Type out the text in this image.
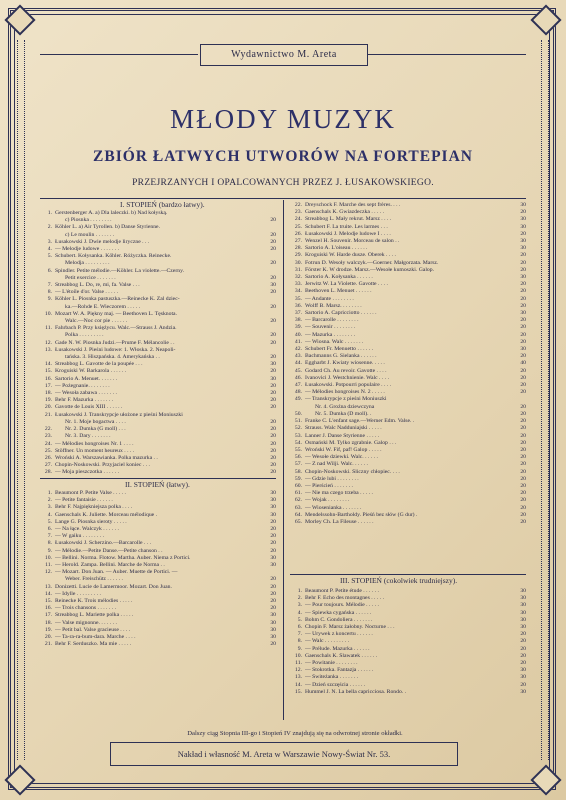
Wydawnictwo M. Areta
MŁODY MUZYK
ZBIÓR ŁATWYCH UTWORÓW NA FORTEPIAN
PRZEJRZANYCH I OPALCOWANYCH PRZEZ J. ŁUSAKOWSKIEGO.
I. STOPIEŃ (bardzo łatwy).
1. Gerstenberger A. a) Dla laleczki. b) Nad kołyską.
c) Piosnka . . . . . . . .	20
2. Köhler L. a) Air Tyrollen. b) Danse Styrienne.
c) Le moulin . . . . . . .	20
3. Łusakowski J. Dwie melodje liryczne . . .	20
4. — Melodje ludowe . . . . . . .	20
5. Schubert. Kołysanka. Köhler. Różyczka. Reinecke.
Melodja . . . . . . . . .	20
6. Spindler. Petite mélodie.—Köhler. La violette.—Czerny.
Petit exercice . . . . . . .	20
7. Streabbog L. Do, re, mi, fa. Valse . . .	30
8. — L'étoile d'or. Valse . . . . .	20
9. Köhler L. Piosnka pastuszka.—Reinecke K. Żal dziec-
ka.—Rohde E. Wieczorem . . . . .	20
10. Mozart W. A. Piękny maj. — Beethoven L. Tęsknota.
Walc.—Noc cor pie . . . . . .	20
11. Fahrbach P. Przy księżycu. Walc.—Strauss J. Andzia.
Polka . . . . . . . . .	20
12. Gade N. W. Piosnka Judzi.—Prume F. Mélancolie . .	20
13. Łusakowski J. Pieśni ludowe: 1. Włoska. 2. Neapoli-
tańska. 3. Hiszpańska. 4. Amerykańska . .	20
14. Streabbog L. Gavotte de la poupée . . .	30
15. Kroguiski W. Barkarola . . . . . .	20
16. Sartorio A. Menuet. . . . . . .	30
17. — Pożegnanie. . . . . . . .	20
18. — Wesoła zabawa . . . . . . .	20
19. Behr F. Mazurka . . . . . . .	20
20. Gavotte de Louis XIII . . . . . .	20
21. Łusakowski J. Transkrypcje ułożone z pieśni Moniuszki
Nr. 1. Moje bogactwa . . . .	20
22.	Nr. 2. Dumka (G moll) . . .	20
23.	Nr. 3. Dary . . . . . . .	20
24. — Mélodies hongroises Nr. 1 . . . .	20
25. Stöffner. Un moment heureux . . . .	20
26. Wroński A. Warszawianka. Polka mazurka . .	20
27. Chopin-Noskowski. Przyjaciel koniec . . .	20
28. — Moja pieszczotka . . . . . .	20
II. STOPIEŃ (łatwy).
1. Beaumont P. Petite Valse . . . . .	30
2. — Petite fantaisie . . . . . .	30
3. Behr F. Najpiękniejsza polka . . . .	30
4. Gaenschals K. Juliette. Morceau mélodique .	30
5. Lange G. Piosnka sieroty . . . . .	20
6. — Na łące. Walczyk . . . . . .	20
7. — W gaiku . . . . . . . .	20
8. Łusakowski J. Scherzino.—Barcarolle . . .	20
9. — Mélodie.—Petite Danse.—Petite chanson . .	20
10. — Bellini. Norma. Flotow. Martha. Auber. Niema z Portici.	30
11. — Herold. Zampa. Bellini. Marche de Norma . .	30
12. — Mozart. Don Juan. — Auber. Muette de Portici. —
Weber. Freischütz . . . . . .	20
13. Donizetti. Lucie de Lamermoor. Mozart. Don Juan.	20
14. — Idylle . . . . . . . . .	20
15. Reinecke K. Trois mélodies . . . . .	20
16. — Trois chansons . . . . . . .	20
17. Streabbog L. Mariette polka . . . . .	30
18. — Valse mignonne. . . . . . .	30
19. — Petit bal. Valse gracieuse . . . .	30
20. — Ta-ra-ra-bum-dara. Marche . . . .	30
21. Behr F. Serduszko. Ma mie . . . . .	20
22. Dreyschock F. Marche des sept frères. . . .	30
23. Gaenschals K. Gwiazdeczka . . . . .	20
24. Streabbog L. Mały rekrut. Marsz . . . .	30
25. Schubert F. La truite. Les larmes . . .	30
26. Łusakowski J. Melodje ludowe I . . . .	20
27. Wenzel H. Souvenir. Morceau de salon . .	30
28. Sartorio A. L'oiseau . . . . . .	30
29. Kroguiski W. Harde dusze. Oberek . . . .	20
30. Fotrun D. Wesoły walczyk.—Goerner. Małgorzata. Marsz.	20
31. Förster K. W drodze. Marsz.—Wesołe kumoszki. Galop.	20
32. Sartorio A. Kołysanka . . . . . .	30
33. Jerwitz W. La Violette. Gavotte . . . .	20
34. Beethoven L. Menuet . . . . . .	20
35. — Andante . . . . . . . .	20
36. Wolff B. Marsz. . . . . . . .	20
37. Sartorio A. Capricciotto . . . . . .	30
38. — Barcarolle . . . . . . . .	20
39. — Souvenir . . . . . . . .	20
40. — Mazurka . . . . . . . .	20
41. — Wiosna. Walc . . . . . . .	20
42. Schubert Fr. Menuetto . . . . . .	30
43. Bachmanns G. Sielanka . . . . . .	20
44. Eggharbt J. Kwiaty wiosenne. . . . .	40
45. Godard Ch. Au revoir. Gavotte . . . .	20
46. Ivanovici J. Westchnienie. Walc . . . .	20
47. Łusakowski. Potpourri populaire . . . .	20
48. — Mélodies hongroises N. 2 . . . . .	20
49. — Transkrypcje z pieśni Moniuszki
Nr. 4. Groźna dziewczyna	20
50.	Nr. 5. Dumka (D moll). .	20
51. Franke C. L'enfant sage.—Werner Edm. Valse. .	20
52. Strauss. Walc Nadduniajski . . . . .	20
53. Lanner J. Danse Styrienne . . . . .	20
54. Osmański M. Tylko zgrabnie. Galop . . .	20
55. Wroński W. Fif, paf! Galop . . . . .	20
56. — Wesołe dziewki. Walc. . . . . .	20
57. — Z nad Wilji. Walc. . . . . .	20
58. Chopin-Noskowski. Śliczny chłopiec. . . .	20
59. — Gdzie lubi . . . . . . . .	20
60. — Pierścień . . . . . . .	20
61. — Nie ma czego trzeba . . . . .	20
62. — Wojak . . . . . . . .	20
63. — Wiosenianka . . . . . . .	20
64. Mendelssohn-Bartholdy. Pieśń bez słów (G dur) .	20
65. Morley Ch. La Fileuse . . . . . .	20
III. STOPIEŃ (cokolwiek trudniejszy).
1. Beaumont P. Petite étude . . . . . .	30
2. Behr F. Echo des montagnes . . . . .	30
3. — Pour toujours. Mélodie . . . . .	30
4. — Śpiewka cygańska . . . . . .	30
5. Bohm C. Gondoliera . . . . . . .	30
6. Chopin F. Marsz żałobny. Nocturne . . .	30
7. — Urywek z koncertu . . . . . .	20
8. — Walc . . . . . . . . .	20
9. — Prélude. Mazurka . . . . . .	20
10. Gaenschals K. Ślawatek . . . . . .	20
11. — Powitanie . . . . . . . .	20
12. — Stokrotka. Fantazja . . . . . .	30
13. — Świteżanka . . . . . . .	30
14. — Dzień szczęścia . . . . . .	20
15. Hummel J. N. La bella capricciosa. Rondo. .	30
Dalszy ciąg Stopnia III-go i Stopień IV znajdują się na odwrotnej stronie okładki.
Nakład i własność M. Areta w Warszawie Nowy-Świat Nr. 53.
